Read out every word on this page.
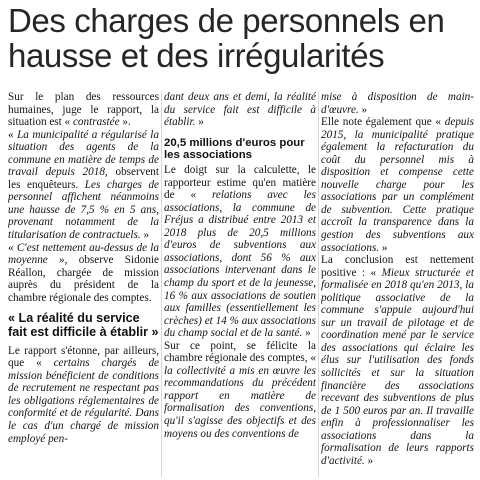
Des charges de personnels en hausse et des irrégularités

Sur le plan des ressources humaines, juge le rapport, la situation est « contrastée ».

« La municipalité a régularisé la situation des agents de la commune en matière de temps de travail depuis 2018, observent les enquêteurs. Les charges de personnel affichent néanmoins une hausse de 7,5 % en 5 ans, provenant notamment de la titularisation de contractuels. »

« C'est nettement au-dessus de la moyenne », observe Sidonie Réallon, chargée de mission auprès du président de la chambre régionale des comptes.

« La réalité du service fait est difficile à établir »

Le rapport s'étonne, par ailleurs, que « certains chargés de mission bénéficient de conditions de recrutement ne respectant pas les obligations réglementaires de conformité et de régularité. Dans le cas d'un chargé de mission employé pen-

dant deux ans et demi, la réalité du service fait est difficile à établir. »

20,5 millions d'euros pour les associations

Le doigt sur la calculette, le rapporteur estime qu'en matière de « relations avec les associations, la commune de Fréjus a distribué entre 2013 et 2018 plus de 20,5 millions d'euros de subventions aux associations, dont 56 % aux associations intervenant dans le champ du sport et de la jeunesse, 16 % aux associations de soutien aux familles (essentiellement les crèches) et 14 % aux associations du champ social et de la santé. »

Sur ce point, se félicite la chambre régionale des comptes, « la collectivité a mis en œuvre les recommandations du précédent rapport en matière de formalisation des conventions, qu'il s'agisse des objectifs et des moyens ou des conventions de

mise à disposition de main-d'œuvre. »

Elle note également que « depuis 2015, la municipalité pratique également la refacturation du coût du personnel mis à disposition et compense cette nouvelle charge pour les associations par un complément de subvention. Cette pratique accroît la transparence dans la gestion des subventions aux associations. »

La conclusion est nettement positive : « Mieux structurée et formalisée en 2018 qu'en 2013, la politique associative de la commune s'appuie aujourd'hui sur un travail de pilotage et de coordination mené par le service des associations qui éclaire les élus sur l'utilisation des fonds sollicités et sur la situation financière des associations recevant des subventions de plus de 1 500 euros par an. Il travaille enfin à professionnaliser les associations dans la formalisation de leurs rapports d'activité. »
